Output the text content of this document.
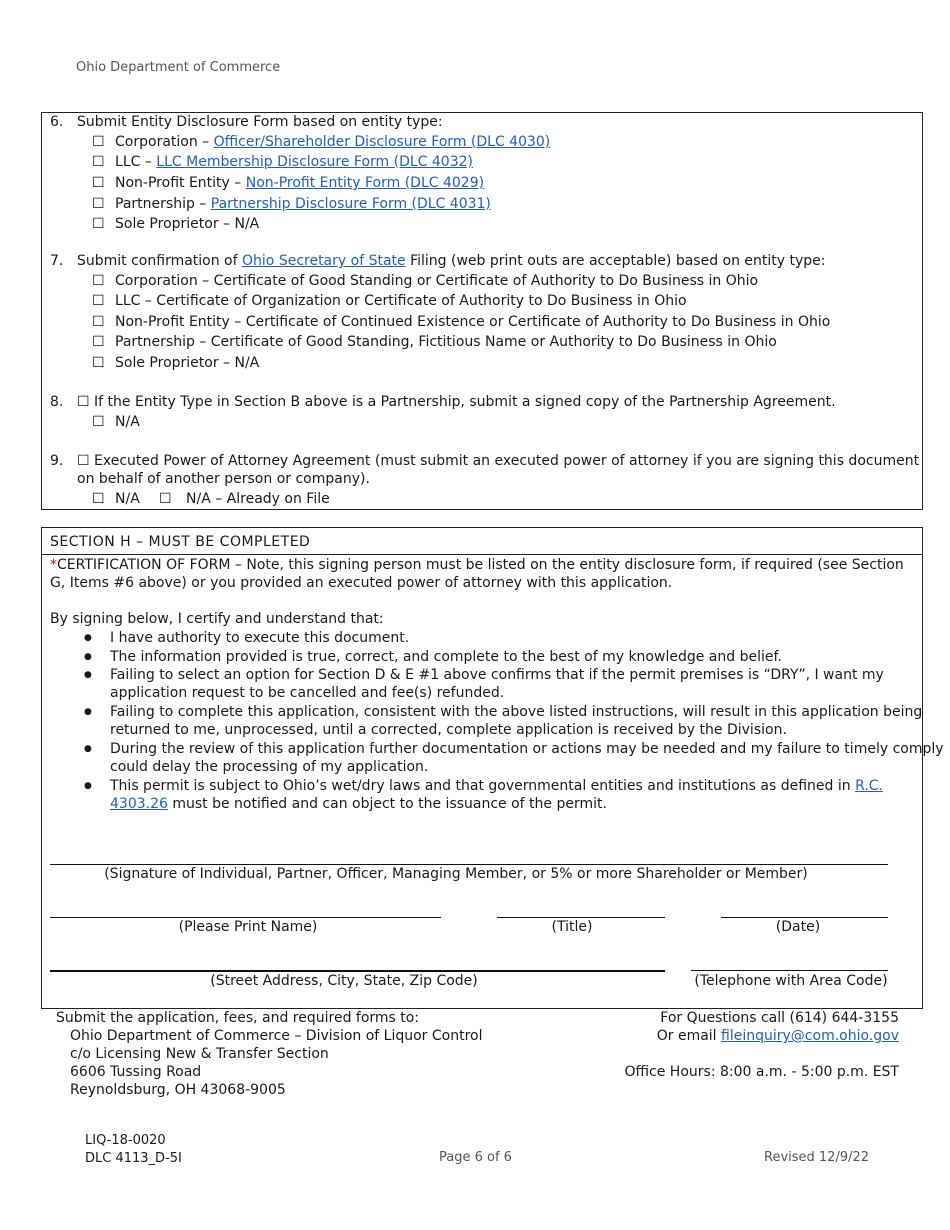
Ohio Department of Commerce
6. Submit Entity Disclosure Form based on entity type:
☐ Corporation – Officer/Shareholder Disclosure Form (DLC 4030)
☐ LLC – LLC Membership Disclosure Form (DLC 4032)
☐ Non-Profit Entity – Non-Profit Entity Form (DLC 4029)
☐ Partnership – Partnership Disclosure Form (DLC 4031)
☐ Sole Proprietor – N/A
7. Submit confirmation of Ohio Secretary of State Filing (web print outs are acceptable) based on entity type:
☐ Corporation – Certificate of Good Standing or Certificate of Authority to Do Business in Ohio
☐ LLC – Certificate of Organization or Certificate of Authority to Do Business in Ohio
☐ Non-Profit Entity – Certificate of Continued Existence or Certificate of Authority to Do Business in Ohio
☐ Partnership – Certificate of Good Standing, Fictitious Name or Authority to Do Business in Ohio
☐ Sole Proprietor – N/A
8. ☐ If the Entity Type in Section B above is a Partnership, submit a signed copy of the Partnership Agreement.
☐ N/A
9. ☐ Executed Power of Attorney Agreement (must submit an executed power of attorney if you are signing this document
on behalf of another person or company).
☐ N/A ☐ N/A – Already on File
SECTION H – MUST BE COMPLETED
*CERTIFICATION OF FORM – Note, this signing person must be listed on the entity disclosure form, if required (see Section
G, Items #6 above) or you provided an executed power of attorney with this application.
By signing below, I certify and understand that:
● I have authority to execute this document.
● The information provided is true, correct, and complete to the best of my knowledge and belief.
● Failing to select an option for Section D & E #1 above confirms that if the permit premises is “DRY”, I want my
application request to be cancelled and fee(s) refunded.
● Failing to complete this application, consistent with the above listed instructions, will result in this application being
returned to me, unprocessed, until a corrected, complete application is received by the Division.
● During the review of this application further documentation or actions may be needed and my failure to timely comply
could delay the processing of my application.
● This permit is subject to Ohio’s wet/dry laws and that governmental entities and institutions as defined in R.C.
4303.26 must be notified and can object to the issuance of the permit.
(Signature of Individual, Partner, Officer, Managing Member, or 5% or more Shareholder or Member)
(Please Print Name)	(Title)	(Date)
(Street Address, City, State, Zip Code)	(Telephone with Area Code)
Submit the application, fees, and required forms to:
Ohio Department of Commerce – Division of Liquor Control
c/o Licensing New & Transfer Section
6606 Tussing Road
Reynoldsburg, OH 43068-9005
For Questions call (614) 644-3155
Or email fileinquiry@com.ohio.gov
Office Hours: 8:00 a.m. - 5:00 p.m. EST
LIQ-18-0020
DLC 4113_D-5I	Page 6 of 6	Revised 12/9/22
